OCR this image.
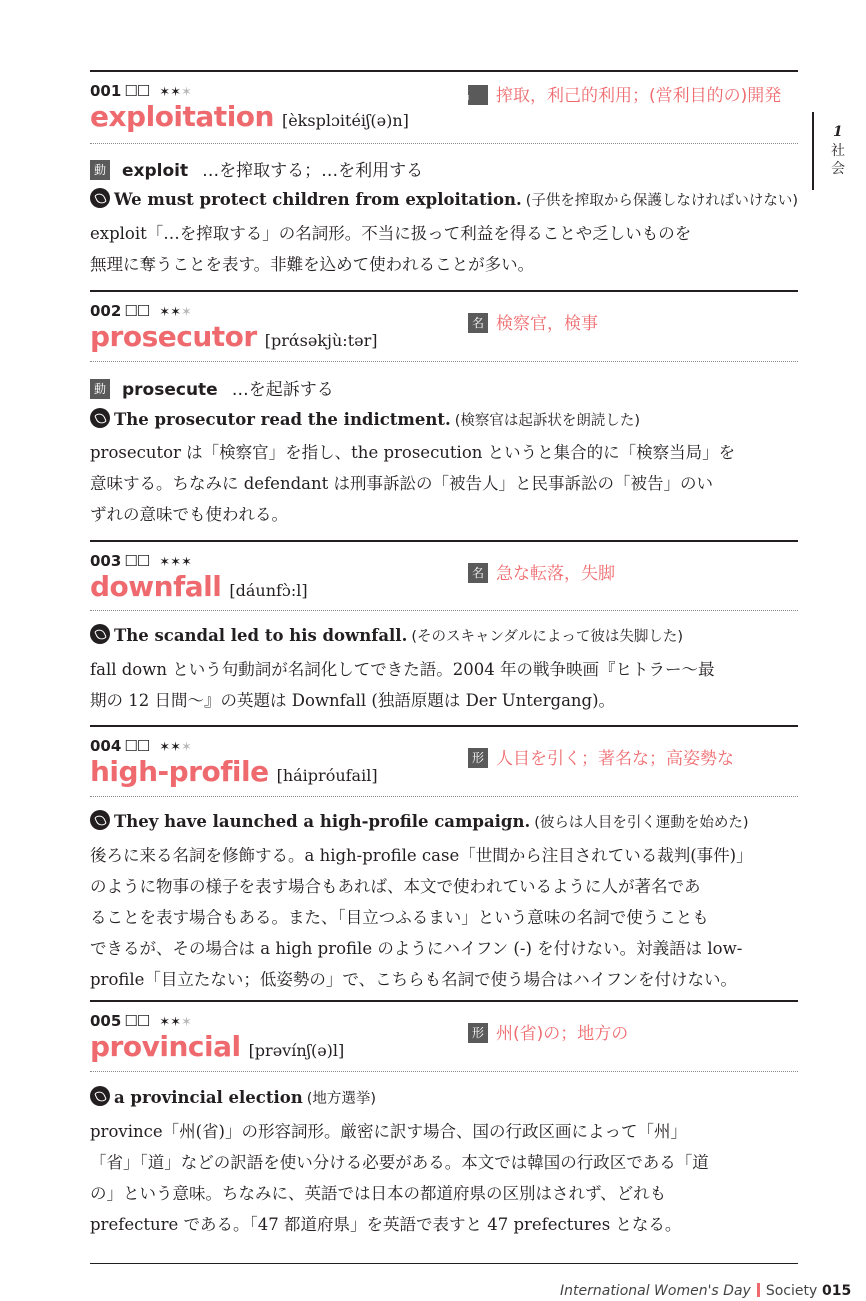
001 ☐☐ ✶✶✶
exploitation [èksplɔitéiʃ(ə)n]
名 搾取，利己的利用；(営利目的の)開発
動 exploit …を搾取する；…を利用する
We must protect children from exploitation. (子供を搾取から保護しなければいけない)
exploit「…を搾取する」の名詞形。不当に扱って利益を得ることや乏しいものを
無理に奪うことを表す。非難を込めて使われることが多い。
002 ☐☐ ✶✶✶
prosecutor [prάsəkjù:tər]
名 検察官，検事
動 prosecute …を起訴する
The prosecutor read the indictment. (検察官は起訴状を朗読した)
prosecutor は「検察官」を指し、the prosecution というと集合的に「検察当局」を
意味する。ちなみに defendant は刑事訴訟の「被告人」と民事訴訟の「被告」のい
ずれの意味でも使われる。
003 ☐☐ ✶✶✶
downfall [dáunfɔ̀:l]
名 急な転落，失脚
The scandal led to his downfall. (そのスキャンダルによって彼は失脚した)
fall down という句動詞が名詞化してできた語。2004 年の戦争映画『ヒトラー～最
期の 12 日間～』の英題は Downfall (独語原題は Der Untergang)。
004 ☐☐ ✶✶✶
high-profile [háipróufail]
形 人目を引く；著名な；高姿勢な
They have launched a high-profile campaign. (彼らは人目を引く運動を始めた)
後ろに来る名詞を修飾する。a high-profile case「世間から注目されている裁判(事件)」
のように物事の様子を表す場合もあれば、本文で使われているように人が著名であ
ることを表す場合もある。また、「目立つふるまい」という意味の名詞で使うことも
できるが、その場合は a high profile のようにハイフン (-) を付けない。対義語は low-
profile「目立たない；低姿勢の」で、こちらも名詞で使う場合はハイフンを付けない。
005 ☐☐ ✶✶✶
provincial [prəvínʃ(ə)l]
形 州(省)の；地方の
a provincial election (地方選挙)
province「州(省)」の形容詞形。厳密に訳す場合、国の行政区画によって「州」
「省」「道」などの訳語を使い分ける必要がある。本文では韓国の行政区である「道
の」という意味。ちなみに、英語では日本の都道府県の区別はされず、どれも
prefecture である。「47 都道府県」を英語で表すと 47 prefectures となる。
1
社会
International Women's Day Society 015
